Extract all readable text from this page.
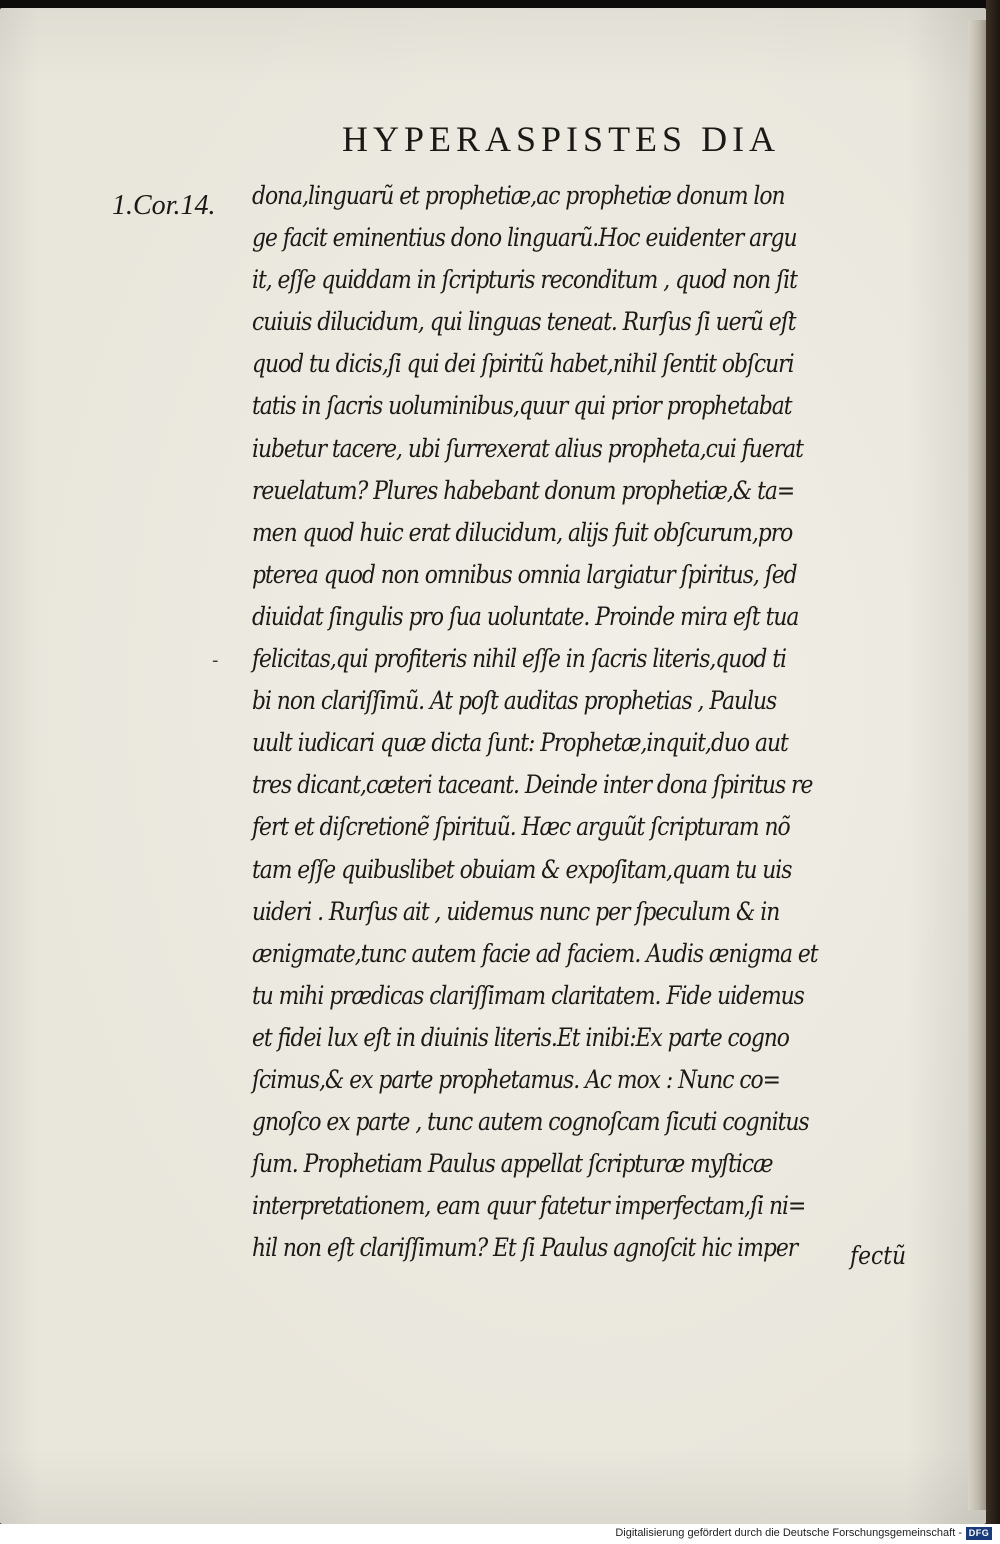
HYPERASPISTES DIA
1.Cor.14.
-
dona,linguarũ et prophetiæ,ac prophetiæ donum lon
ge facit eminentius dono linguarũ.Hoc euidenter argu
it, eſſe quiddam in ſcripturis reconditum , quod non ſit
cuiuis dilucidum, qui linguas teneat. Rurſus ſi uerũ eſt
quod tu dicis,ſi qui dei ſpiritũ habet,nihil ſentit obſcuri
tatis in ſacris uoluminibus,quur qui prior prophetabat
iubetur tacere, ubi ſurrexerat alius propheta,cui fuerat
reuelatum? Plures habebant donum prophetiæ,& ta=
men quod huic erat dilucidum, alijs fuit obſcurum,pro
pterea quod non omnibus omnia largiatur ſpiritus, ſed
diuidat ſingulis pro ſua uoluntate. Proinde mira eſt tua
felicitas,qui profiteris nihil eſſe in ſacris literis,quod ti
bi non clariſſimũ. At poſt auditas prophetias , Paulus
uult iudicari quæ dicta ſunt: Prophetæ,inquit,duo aut
tres dicant,cæteri taceant. Deinde inter dona ſpiritus re
fert et diſcretionẽ ſpirituũ. Hæc arguũt ſcripturam nõ
tam eſſe quibuslibet obuiam & expoſitam,quam tu uis
uideri . Rurſus ait , uidemus nunc per ſpeculum & in
ænigmate,tunc autem facie ad faciem. Audis ænigma et
tu mihi prædicas clariſſimam claritatem. Fide uidemus
et fidei lux eſt in diuinis literis.Et inibi:Ex parte cogno
ſcimus,& ex parte prophetamus. Ac mox : Nunc co=
gnoſco ex parte , tunc autem cognoſcam ſicuti cognitus
ſum. Prophetiam Paulus appellat ſcripturæ myſticæ
interpretationem, eam quur fatetur imperfectam,ſi ni=
hil non eſt clariſſimum? Et ſi Paulus agnoſcit hic imper	fectũ
Digitalisierung gefördert durch die Deutsche Forschungsgemeinschaft - DFG
